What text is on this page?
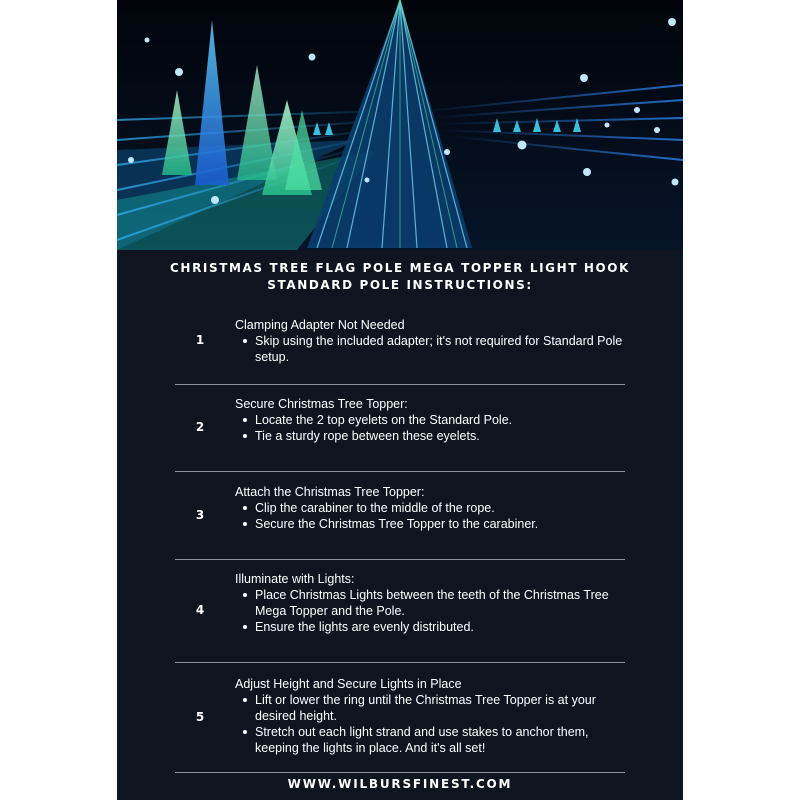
CHRISTMAS TREE FLAG POLE MEGA TOPPER LIGHT HOOK
STANDARD POLE INSTRUCTIONS:
1
Clamping Adapter Not Needed
Skip using the included adapter; it's not required for Standard Pole setup.
2
Secure Christmas Tree Topper:
Locate the 2 top eyelets on the Standard Pole.
Tie a sturdy rope between these eyelets.
3
Attach the Christmas Tree Topper:
Clip the carabiner to the middle of the rope.
Secure the Christmas Tree Topper to the carabiner.
4
Illuminate with Lights:
Place Christmas Lights between the teeth of the Christmas Tree Mega Topper and the Pole.
Ensure the lights are evenly distributed.
5
Adjust Height and Secure Lights in Place
Lift or lower the ring until the Christmas Tree Topper is at your desired height.
Stretch out each light strand and use stakes to anchor them, keeping the lights in place. And it's all set!
WWW.WILBURSFINEST.COM
